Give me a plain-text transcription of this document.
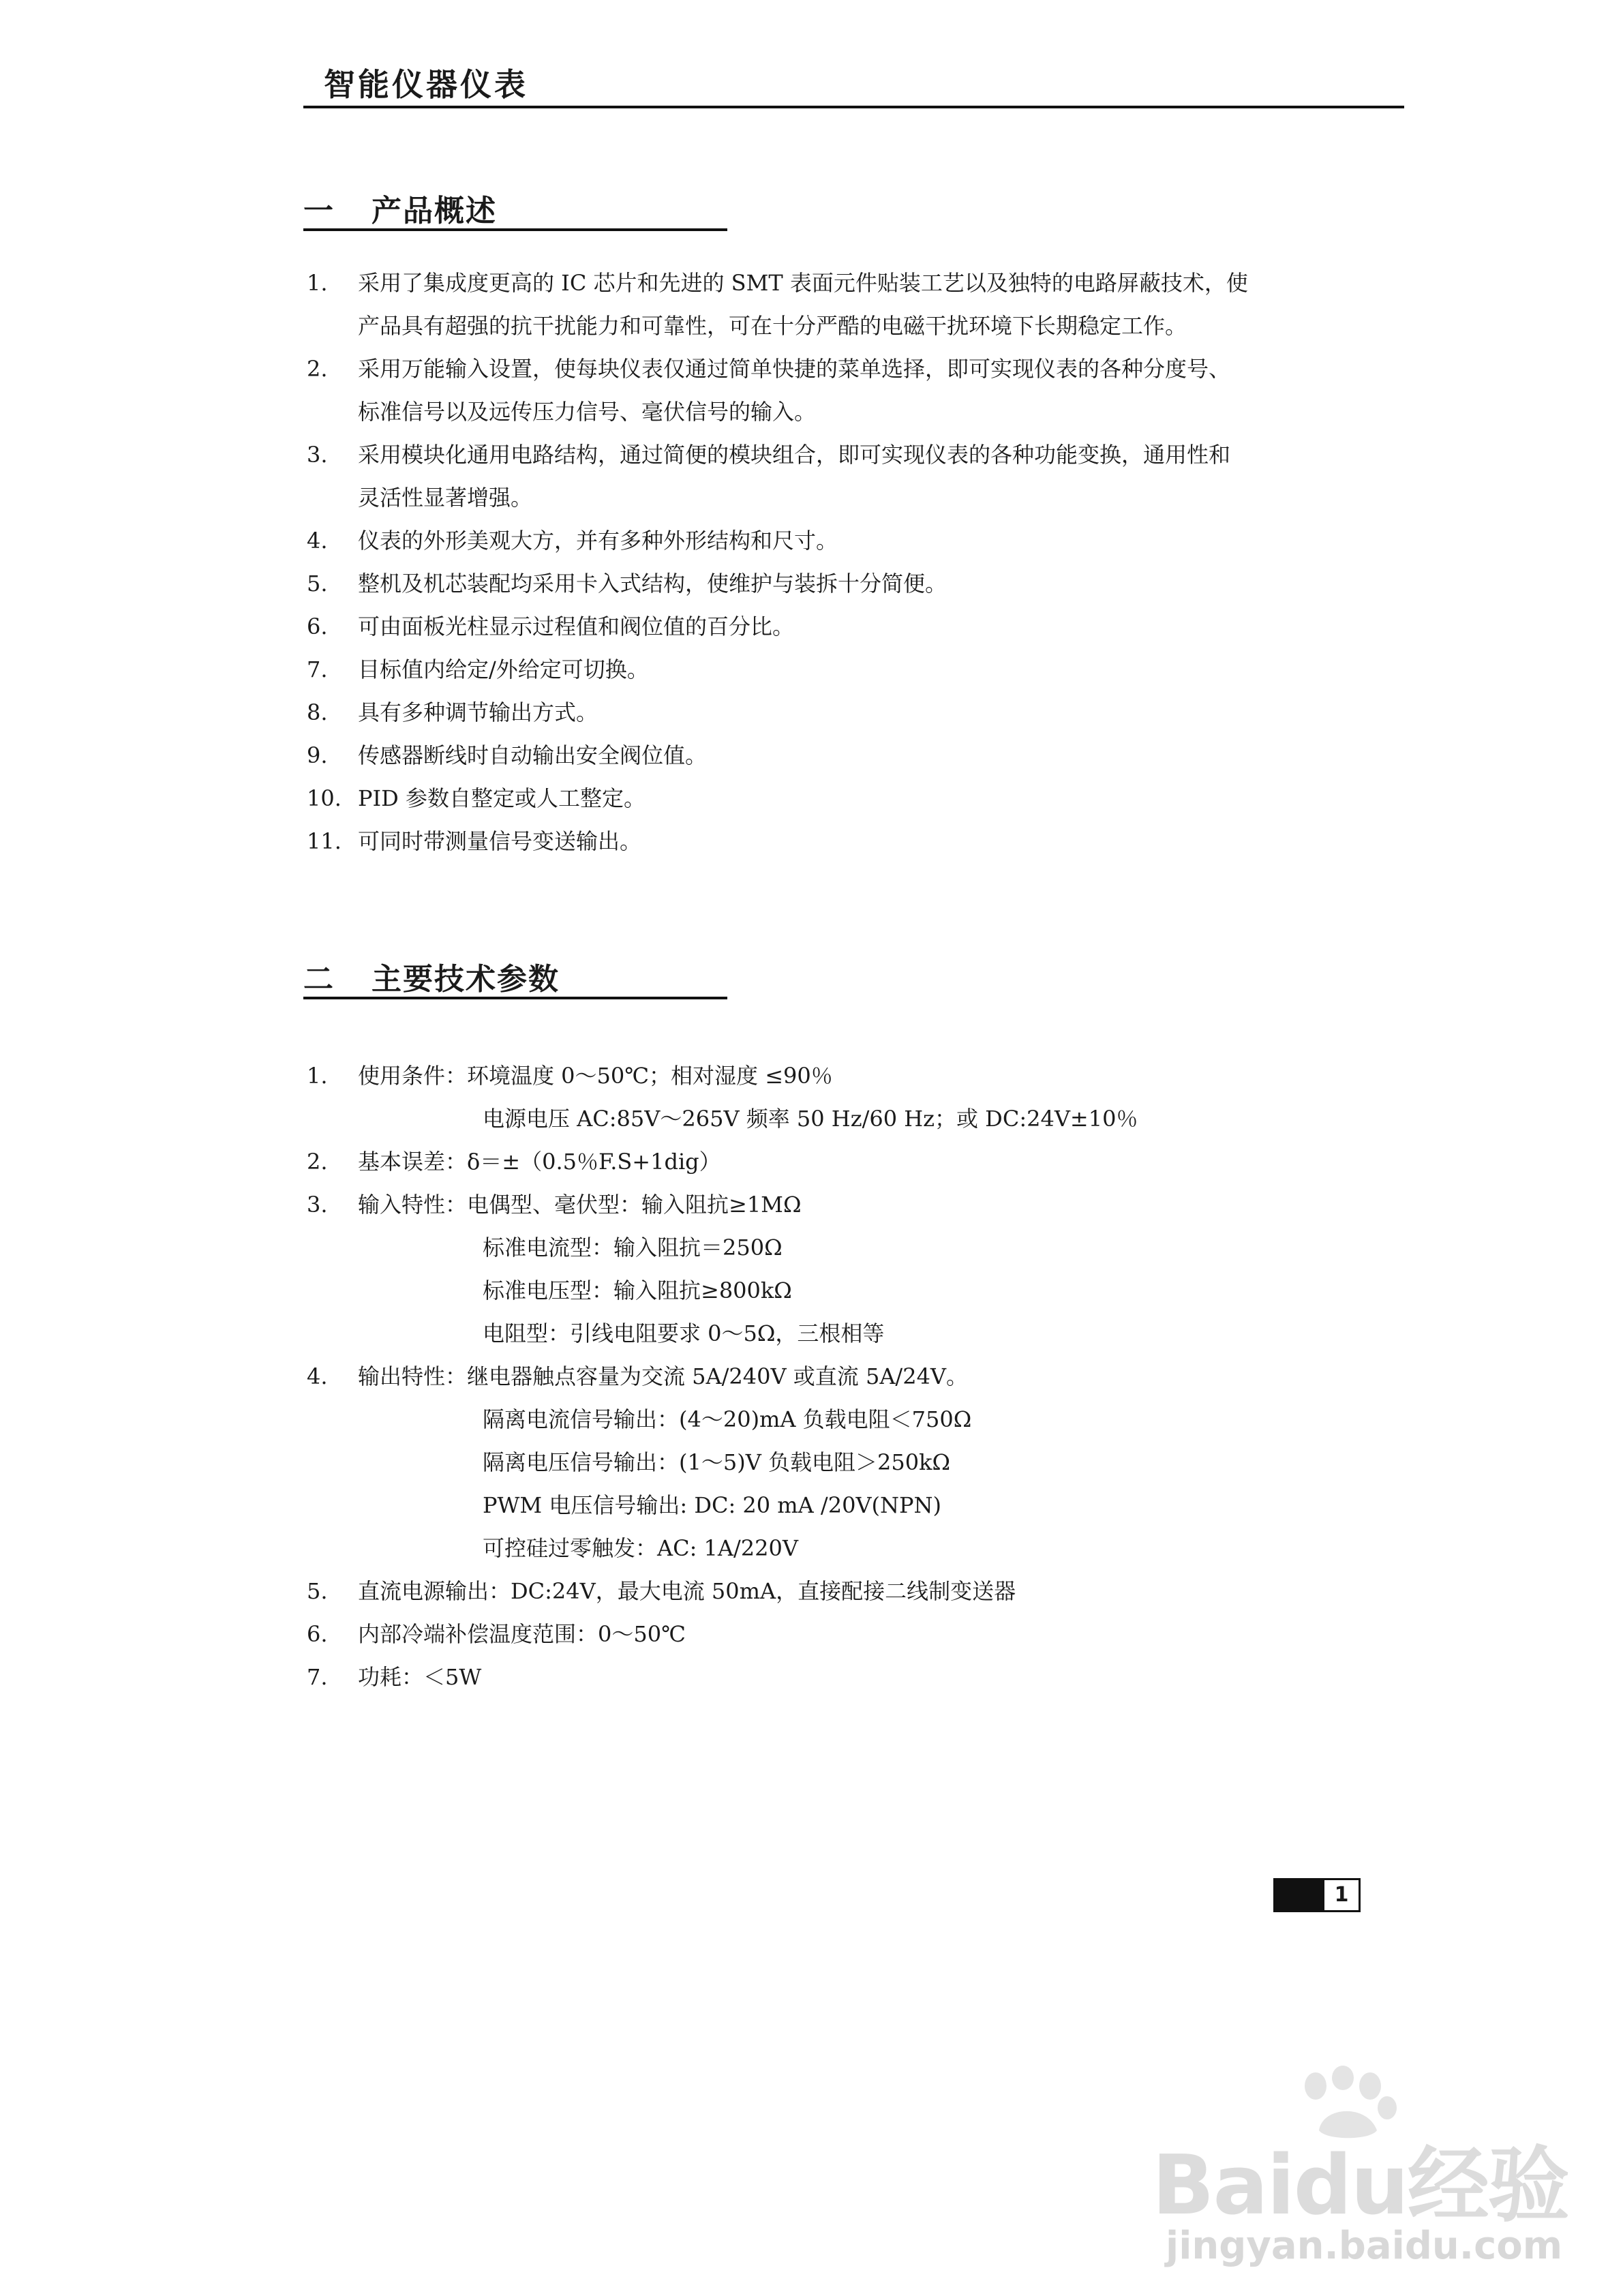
智能仪器仪表
一 产品概述
1. 采用了集成度更高的 IC 芯片和先进的 SMT 表面元件贴装工艺以及独特的电路屏蔽技术，使
产品具有超强的抗干扰能力和可靠性，可在十分严酷的电磁干扰环境下长期稳定工作。
2. 采用万能输入设置，使每块仪表仅通过简单快捷的菜单选择，即可实现仪表的各种分度号、
标准信号以及远传压力信号、毫伏信号的输入。
3. 采用模块化通用电路结构，通过简便的模块组合，即可实现仪表的各种功能变换，通用性和
灵活性显著增强。
4. 仪表的外形美观大方，并有多种外形结构和尺寸。
5. 整机及机芯装配均采用卡入式结构，使维护与装拆十分简便。
6. 可由面板光柱显示过程值和阀位值的百分比。
7. 目标值内给定/外给定可切换。
8. 具有多种调节输出方式。
9. 传感器断线时自动输出安全阀位值。
10. PID 参数自整定或人工整定。
11. 可同时带测量信号变送输出。
二 主要技术参数
1. 使用条件：环境温度 0～50℃；相对湿度 ≤90％
电源电压 AC:85V～265V 频率 50 Hz/60 Hz；或 DC:24V±10％
2. 基本误差：δ＝±（0.5％F.S+1dig）
3. 输入特性：电偶型、毫伏型：输入阻抗≥1MΩ
标准电流型：输入阻抗＝250Ω
标准电压型：输入阻抗≥800kΩ
电阻型：引线电阻要求 0～5Ω，三根相等
4. 输出特性：继电器触点容量为交流 5A/240V 或直流 5A/24V。
隔离电流信号输出：(4～20)mA 负载电阻＜750Ω
隔离电压信号输出：(1～5)V 负载电阻＞250kΩ
PWM 电压信号输出: DC: 20 mA /20V(NPN)
可控硅过零触发：AC: 1A/220V
5. 直流电源输出：DC:24V，最大电流 50mA，直接配接二线制变送器
6. 内部冷端补偿温度范围：0～50℃
7. 功耗：＜5W
1
Baidu经验
jingyan.baidu.com
